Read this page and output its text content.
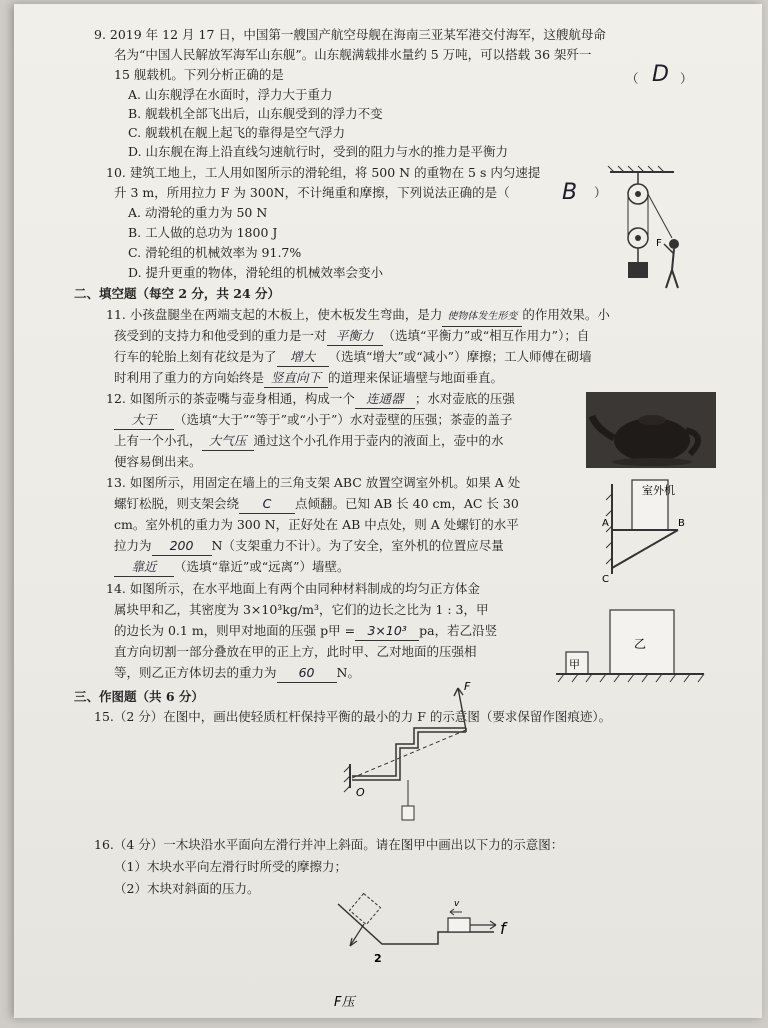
9. 2019 年 12 月 17 日，中国第一艘国产航空母舰在海南三亚某军港交付海军，这艘航母命
名为“中国人民解放军海军山东舰”。山东舰满载排水量约 5 万吨，可以搭载 36 架歼一
15 舰载机。下列分析正确的是	（ D ）
A. 山东舰浮在水面时，浮力大于重力
B. 舰载机全部飞出后，山东舰受到的浮力不变
C. 舰载机在舰上起飞的靠得是空气浮力
D. 山东舰在海上沿直线匀速航行时，受到的阻力与水的推力是平衡力
10. 建筑工地上，工人用如图所示的滑轮组，将 500 N 的重物在 5 s 内匀速提
升 3 m，所用拉力 F 为 300N，不计绳重和摩擦，下列说法正确的是（ B ）
A. 动滑轮的重力为 50 N
B. 工人做的总功为 1800 J
C. 滑轮组的机械效率为 91.7%
D. 提升更重的物体，滑轮组的机械效率会变小
F
二、填空题（每空 2 分，共 24 分）
11. 小孩盘腿坐在两端支起的木板上，使木板发生弯曲，是力 使物体发生形变 的作用效果。小
孩受到的支持力和他受到的重力是一对 平衡力 （选填“平衡力”或“相互作用力”）；自
行车的轮胎上刻有花纹是为了 增大 （选填“增大”或“减小”）摩擦；工人师傅在砌墙
时利用了重力的方向始终是 竖直向下 的道理来保证墙壁与地面垂直。
12. 如图所示的茶壶嘴与壶身相通，构成一个 连通器 ；水对壶底的压强
大于 （选填“大于”“等于”或“小于”）水对壶壁的压强；茶壶的盖子
上有一个小孔， 大气压 通过这个小孔作用于壶内的液面上，壶中的水
便容易倒出来。
13. 如图所示，用固定在墙上的三角支架 ABC 放置空调室外机。如果 A 处
螺钉松脱，则支架会绕 C 点倾翻。已知 AB 长 40 cm，AC 长 30
cm。室外机的重力为 300 N，正好处在 AB 中点处，则 A 处螺钉的水平
拉力为 200 N（支架重力不计）。为了安全，室外机的位置应尽量
靠近 （选填“靠近”或“远离”）墙壁。
室外机
A	B
C
14. 如图所示，在水平地面上有两个由同种材料制成的均匀正方体金
属块甲和乙，其密度为 3×10³kg/m³，它们的边长之比为 1 : 3，甲
的边长为 0.1 m，则甲对地面的压强 p甲 = 3×10³ pa，若乙沿竖
直方向切割一部分叠放在甲的正上方，此时甲、乙对地面的压强相
等，则乙正方体切去的重力为 60 N。
甲
乙
三、作图题（共 6 分）
15.（2 分）在图中，画出使轻质杠杆保持平衡的最小的力 F 的示意图（要求保留作图痕迹）。
F
O
16.（4 分）一木块沿水平面向左滑行并冲上斜面。请在图甲中画出以下力的示意图：
（1）木块水平向左滑行时所受的摩擦力；
（2）木块对斜面的压力。
v
f
2
F压
